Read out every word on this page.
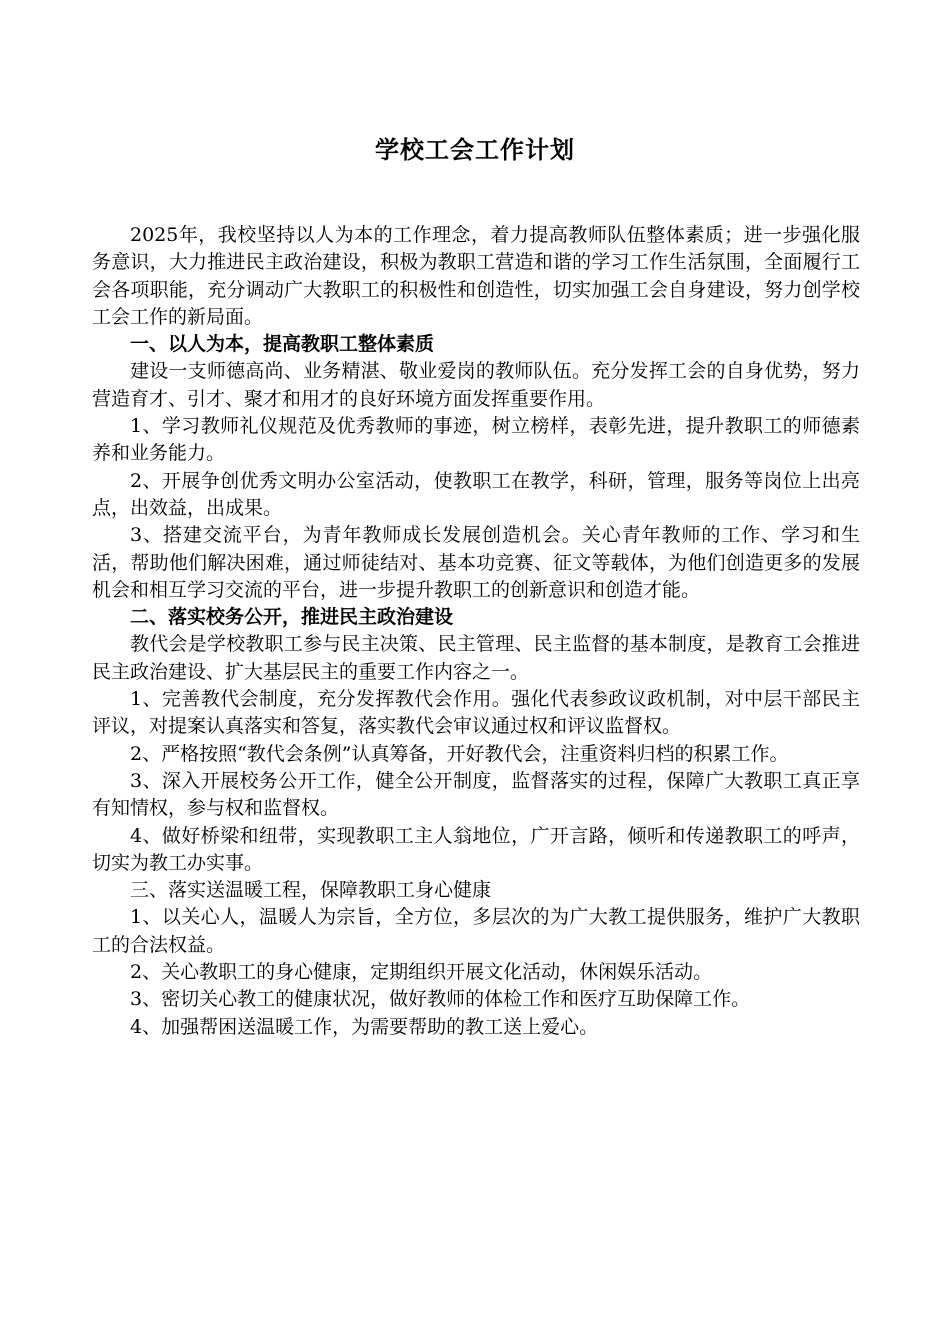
学校工会工作计划

2025年，我校坚持以人为本的工作理念，着力提高教师队伍整体素质；进一步强化服务意识，大力推进民主政治建设，积极为教职工营造和谐的学习工作生活氛围，全面履行工会各项职能，充分调动广大教职工的积极性和创造性，切实加强工会自身建设，努力创学校工会工作的新局面。

一、以人为本，提高教职工整体素质

建设一支师德高尚、业务精湛、敬业爱岗的教师队伍。充分发挥工会的自身优势，努力营造育才、引才、聚才和用才的良好环境方面发挥重要作用。

1、学习教师礼仪规范及优秀教师的事迹，树立榜样，表彰先进，提升教职工的师德素养和业务能力。

2、开展争创优秀文明办公室活动，使教职工在教学，科研，管理，服务等岗位上出亮点，出效益，出成果。

3、搭建交流平台，为青年教师成长发展创造机会。关心青年教师的工作、学习和生活，帮助他们解决困难，通过师徒结对、基本功竞赛、征文等载体，为他们创造更多的发展机会和相互学习交流的平台，进一步提升教职工的创新意识和创造才能。

二、落实校务公开，推进民主政治建设

教代会是学校教职工参与民主决策、民主管理、民主监督的基本制度，是教育工会推进民主政治建设、扩大基层民主的重要工作内容之一。

1、完善教代会制度，充分发挥教代会作用。强化代表参政议政机制，对中层干部民主评议，对提案认真落实和答复，落实教代会审议通过权和评议监督权。

2、严格按照“教代会条例”认真筹备，开好教代会，注重资料归档的积累工作。

3、深入开展校务公开工作，健全公开制度，监督落实的过程，保障广大教职工真正享有知情权，参与权和监督权。

4、做好桥梁和纽带，实现教职工主人翁地位，广开言路，倾听和传递教职工的呼声，切实为教工办实事。

三、落实送温暖工程，保障教职工身心健康

1、以关心人，温暖人为宗旨，全方位，多层次的为广大教工提供服务，维护广大教职工的合法权益。

2、关心教职工的身心健康，定期组织开展文化活动，休闲娱乐活动。

3、密切关心教工的健康状况，做好教师的体检工作和医疗互助保障工作。

4、加强帮困送温暖工作，为需要帮助的教工送上爱心。
